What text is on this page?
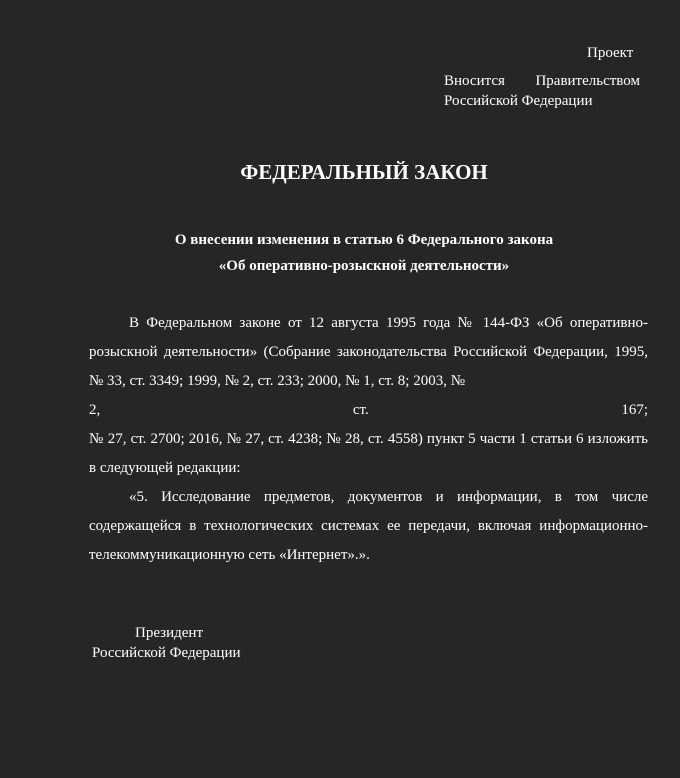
Проект
Вносится Правительством
Российской Федерации
ФЕДЕРАЛЬНЫЙ ЗАКОН
О внесении изменения в статью 6 Федерального закона
«Об оперативно-розыскной деятельности»

В Федеральном законе от 12 августа 1995 года № 144-ФЗ «Об оперативно-розыскной деятельности» (Собрание законодательства Российской Федерации, 1995, № 33, ст. 3349; 1999, № 2, ст. 233; 2000, № 1, ст. 8; 2003, №

2,	ст.	167;

№ 27, ст. 2700; 2016, № 27, ст. 4238; № 28, ст. 4558) пункт 5 части 1 статьи 6 изложить в следующей редакции:

«5. Исследование предметов, документов и информации, в том числе содержащейся в технологических системах ее передачи, включая информационно-телекоммуникационную сеть «Интернет».».

Президент
Российской Федерации
